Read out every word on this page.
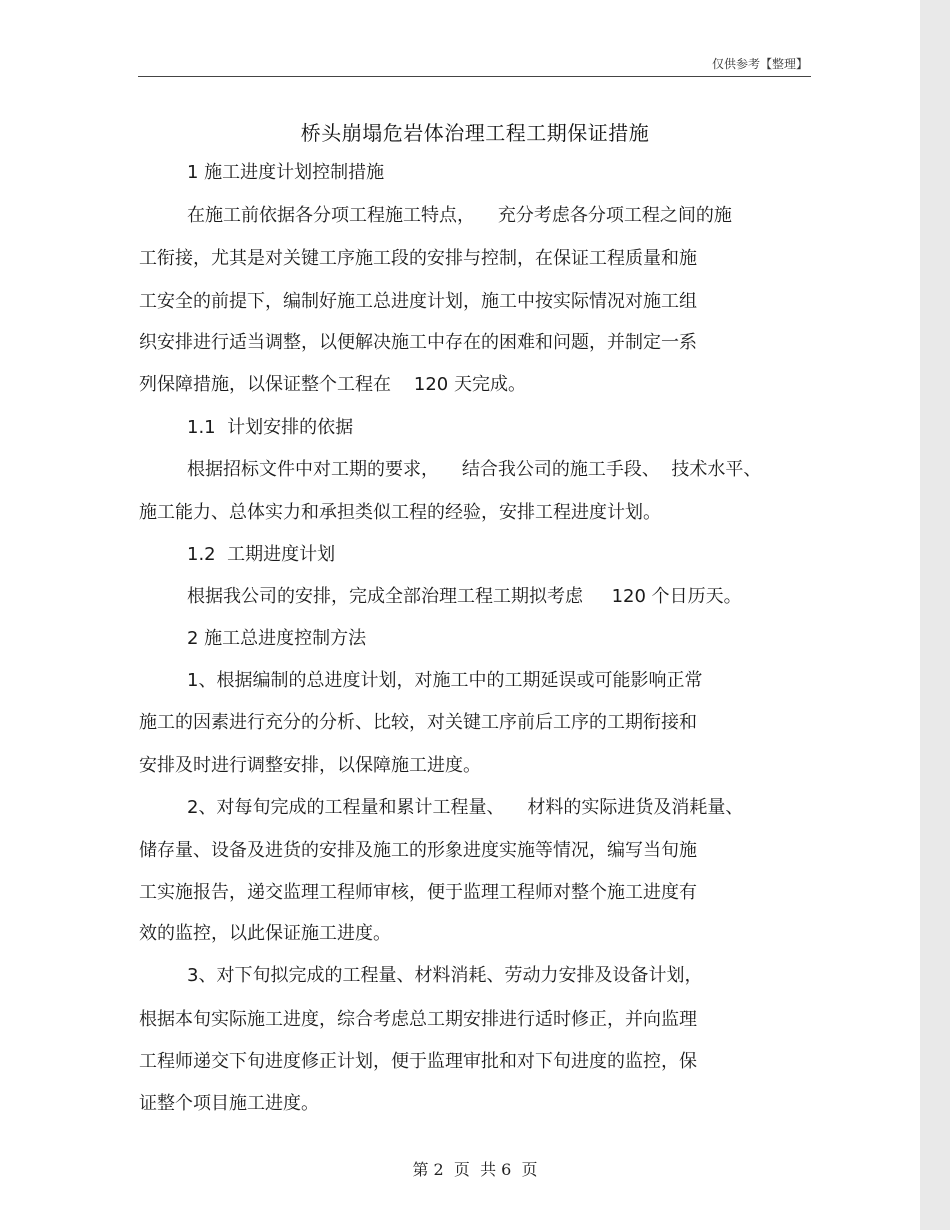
仅供参考【整理】
桥头崩塌危岩体治理工程工期保证措施
1 施工进度计划控制措施
在施工前依据各分项工程施工特点，    充分考虑各分项工程之间的施
工衔接，尤其是对关键工序施工段的安排与控制，在保证工程质量和施
工安全的前提下，编制好施工总进度计划，施工中按实际情况对施工组
织安排进行适当调整，以便解决施工中存在的困难和问题，并制定一系
列保障措施，以保证整个工程在    120 天完成。
1.1  计划安排的依据
根据招标文件中对工期的要求，    结合我公司的施工手段、  技术水平、
施工能力、总体实力和承担类似工程的经验，安排工程进度计划。
1.2  工期进度计划
根据我公司的安排，完成全部治理工程工期拟考虑     120 个日历天。
2 施工总进度控制方法
1、根据编制的总进度计划，对施工中的工期延误或可能影响正常
施工的因素进行充分的分析、比较，对关键工序前后工序的工期衔接和
安排及时进行调整安排，以保障施工进度。
2、对每旬完成的工程量和累计工程量、    材料的实际进货及消耗量、
储存量、设备及进货的安排及施工的形象进度实施等情况，编写当旬施
工实施报告，递交监理工程师审核，便于监理工程师对整个施工进度有
效的监控，以此保证施工进度。
3、对下旬拟完成的工程量、材料消耗、劳动力安排及设备计划，
根据本旬实际施工进度，综合考虑总工期安排进行适时修正，并向监理
工程师递交下旬进度修正计划，便于监理审批和对下旬进度的监控，保
证整个项目施工进度。
第 2  页  共 6  页
